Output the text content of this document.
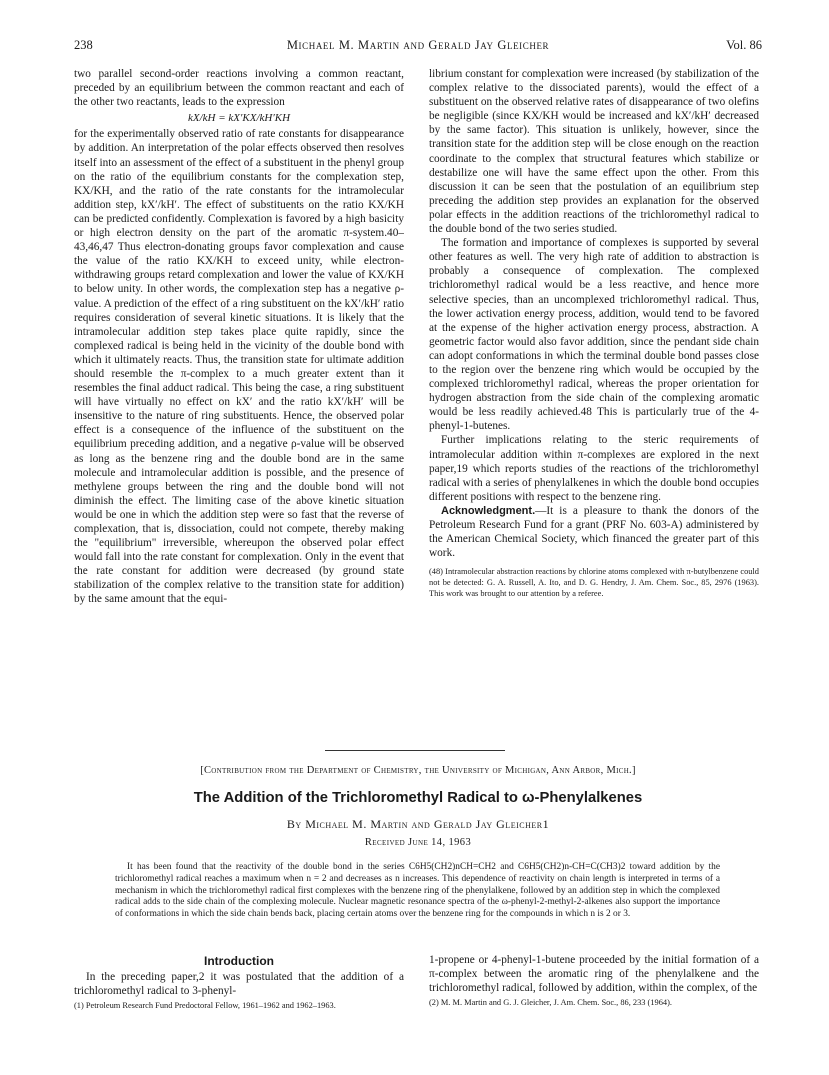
238	Michael M. Martin and Gerald Jay Gleicher	Vol. 86

two parallel second-order reactions involving a common reactant, preceded by an equilibrium between the common reactant and each of the other two reactants, leads to the expression

kX/kH = kX′KX/kH′KH

for the experimentally observed ratio of rate constants for disappearance by addition. An interpretation of the polar effects observed then resolves itself into an assessment of the effect of a substituent in the phenyl group on the ratio of the equilibrium constants for the complexation step, KX/KH, and the ratio of the rate constants for the intramolecular addition step, kX′/kH′. The effect of substituents on the ratio KX/KH can be predicted confidently. Complexation is favored by a high basicity or high electron density on the part of the aromatic π-system.40–43,46,47 Thus electron-donating groups favor complexation and cause the value of the ratio KX/KH to exceed unity, while electron-withdrawing groups retard complexation and lower the value of KX/KH to below unity. In other words, the complexation step has a negative ρ-value. A prediction of the effect of a ring substituent on the kX′/kH′ ratio requires consideration of several kinetic situations. It is likely that the intramolecular addition step takes place quite rapidly, since the complexed radical is being held in the vicinity of the double bond with which it ultimately reacts. Thus, the transition state for ultimate addition should resemble the π-complex to a much greater extent than it resembles the final adduct radical. This being the case, a ring substituent will have virtually no effect on kX′ and the ratio kX′/kH′ will be insensitive to the nature of ring substituents. Hence, the observed polar effect is a consequence of the influence of the substituent on the equilibrium preceding addition, and a negative ρ-value will be observed as long as the benzene ring and the double bond are in the same molecule and intramolecular addition is possible, and the presence of methylene groups between the ring and the double bond will not diminish the effect. The limiting case of the above kinetic situation would be one in which the addition step were so fast that the reverse of complexation, that is, dissociation, could not compete, thereby making the "equilibrium" irreversible, whereupon the observed polar effect would fall into the rate constant for complexation. Only in the event that the rate constant for addition were decreased (by ground state stabilization of the complex relative to the transition state for addition) by the same amount that the equi-

librium constant for complexation were increased (by stabilization of the complex relative to the dissociated parents), would the effect of a substituent on the observed relative rates of disappearance of two olefins be negligible (since KX/KH would be increased and kX′/kH′ decreased by the same factor). This situation is unlikely, however, since the transition state for the addition step will be close enough on the reaction coordinate to the complex that structural features which stabilize or destabilize one will have the same effect upon the other. From this discussion it can be seen that the postulation of an equilibrium step preceding the addition step provides an explanation for the observed polar effects in the addition reactions of the trichloromethyl radical to the double bond of the two series studied.

The formation and importance of complexes is supported by several other features as well. The very high rate of addition to abstraction is probably a consequence of complexation. The complexed trichloromethyl radical would be a less reactive, and hence more selective species, than an uncomplexed trichloromethyl radical. Thus, the lower activation energy process, addition, would tend to be favored at the expense of the higher activation energy process, abstraction. A geometric factor would also favor addition, since the pendant side chain can adopt conformations in which the terminal double bond passes close to the region over the benzene ring which would be occupied by the complexed trichloromethyl radical, whereas the proper orientation for hydrogen abstraction from the side chain of the complexing aromatic would be less readily achieved.48 This is particularly true of the 4-phenyl-1-butenes.

Further implications relating to the steric requirements of intramolecular addition within π-complexes are explored in the next paper,19 which reports studies of the reactions of the trichloromethyl radical with a series of phenylalkenes in which the double bond occupies different positions with respect to the benzene ring.

Acknowledgment.—It is a pleasure to thank the donors of the Petroleum Research Fund for a grant (PRF No. 603-A) administered by the American Chemical Society, which financed the greater part of this work.

(48) Intramolecular abstraction reactions by chlorine atoms complexed with π-butylbenzene could not be detected: G. A. Russell, A. Ito, and D. G. Hendry, J. Am. Chem. Soc., 85, 2976 (1963). This work was brought to our attention by a referee.
[Contribution from the Department of Chemistry, the University of Michigan, Ann Arbor, Mich.]
The Addition of the Trichloromethyl Radical to ω-Phenylalkenes
By Michael M. Martin and Gerald Jay Gleicher1
Received June 14, 1963

It has been found that the reactivity of the double bond in the series C6H5(CH2)nCH=CH2 and C6H5(CH2)n-CH=C(CH3)2 toward addition by the trichloromethyl radical reaches a maximum when n = 2 and decreases as n increases. This dependence of reactivity on chain length is interpreted in terms of a mechanism in which the trichloromethyl radical first complexes with the benzene ring of the phenylalkene, followed by an addition step in which the complexed radical adds to the side chain of the complexing molecule. Nuclear magnetic resonance spectra of the ω-phenyl-2-methyl-2-alkenes also support the importance of conformations in which the side chain bends back, placing certain atoms over the benzene ring for the compounds in which n is 2 or 3.

Introduction

In the preceding paper,2 it was postulated that the addition of a trichloromethyl radical to 3-phenyl-

(1) Petroleum Research Fund Predoctoral Fellow, 1961–1962 and 1962–1963.

1-propene or 4-phenyl-1-butene proceeded by the initial formation of a π-complex between the aromatic ring of the phenylalkene and the trichloromethyl radical, followed by addition, within the complex, of the

(2) M. M. Martin and G. J. Gleicher, J. Am. Chem. Soc., 86, 233 (1964).
